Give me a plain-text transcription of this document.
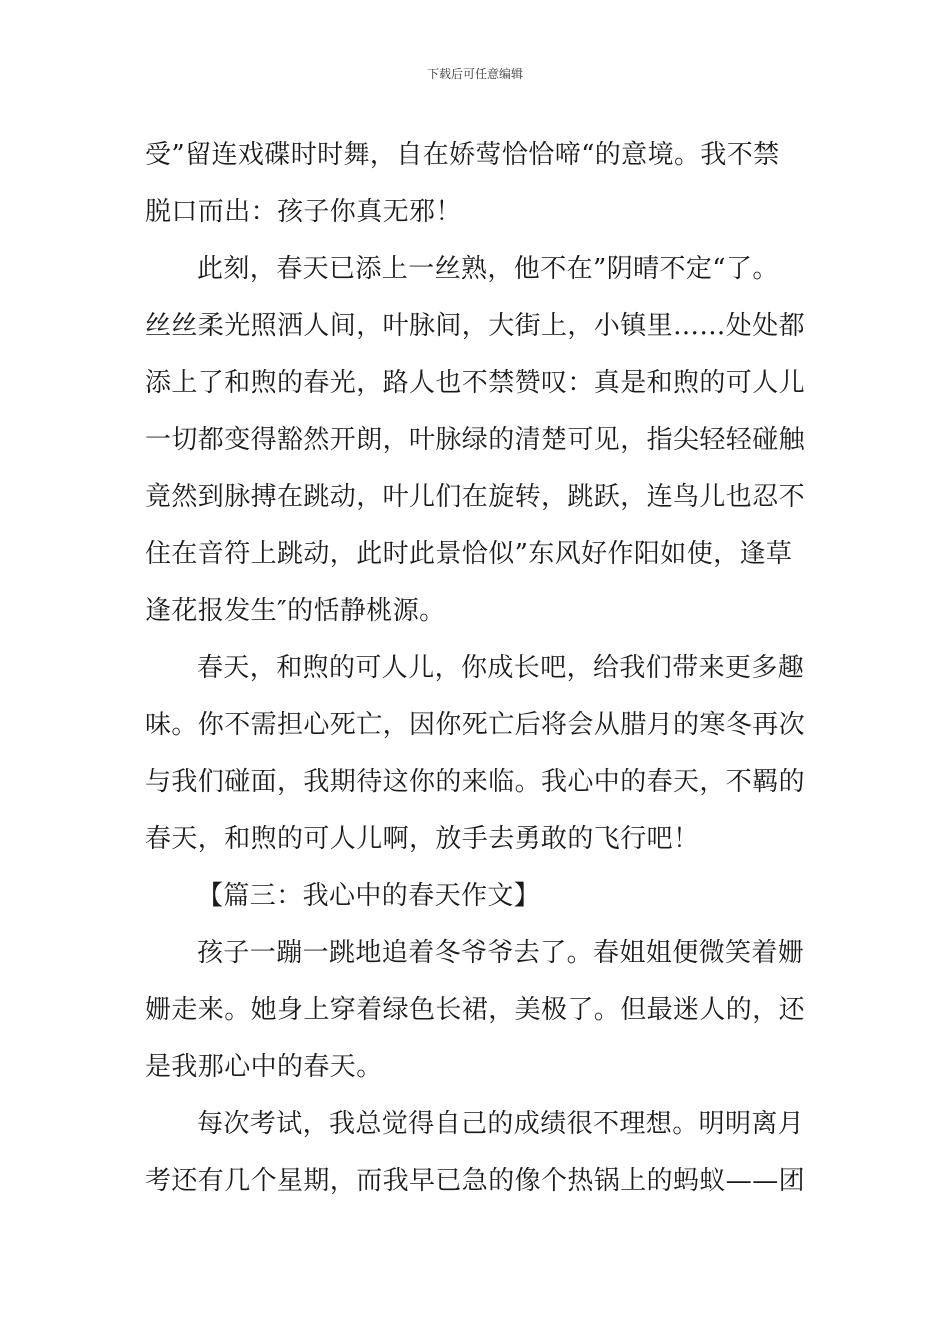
下载后可任意编辑
受”留连戏碟时时舞，自在娇莺恰恰啼“的意境。我不禁
脱口而出：孩子你真无邪！
此刻，春天已添上一丝熟，他不在”阴晴不定“了。
丝丝柔光照洒人间，叶脉间，大街上，小镇里……处处都
添上了和煦的春光，路人也不禁赞叹：真是和煦的可人儿
一切都变得豁然开朗，叶脉绿的清楚可见，指尖轻轻碰触
竟然到脉搏在跳动，叶儿们在旋转，跳跃，连鸟儿也忍不
住在音符上跳动，此时此景恰似”东风好作阳如使，逢草
逢花报发生″的恬静桃源。
春天，和煦的可人儿，你成长吧，给我们带来更多趣
味。你不需担心死亡，因你死亡后将会从腊月的寒冬再次
与我们碰面，我期待这你的来临。我心中的春天，不羁的
春天，和煦的可人儿啊，放手去勇敢的飞行吧！
【篇三：我心中的春天作文】
孩子一蹦一跳地追着冬爷爷去了。春姐姐便微笑着姗
姗走来。她身上穿着绿色长裙，美极了。但最迷人的，还
是我那心中的春天。
每次考试，我总觉得自己的成绩很不理想。明明离月
考还有几个星期，而我早已急的像个热锅上的蚂蚁——团
